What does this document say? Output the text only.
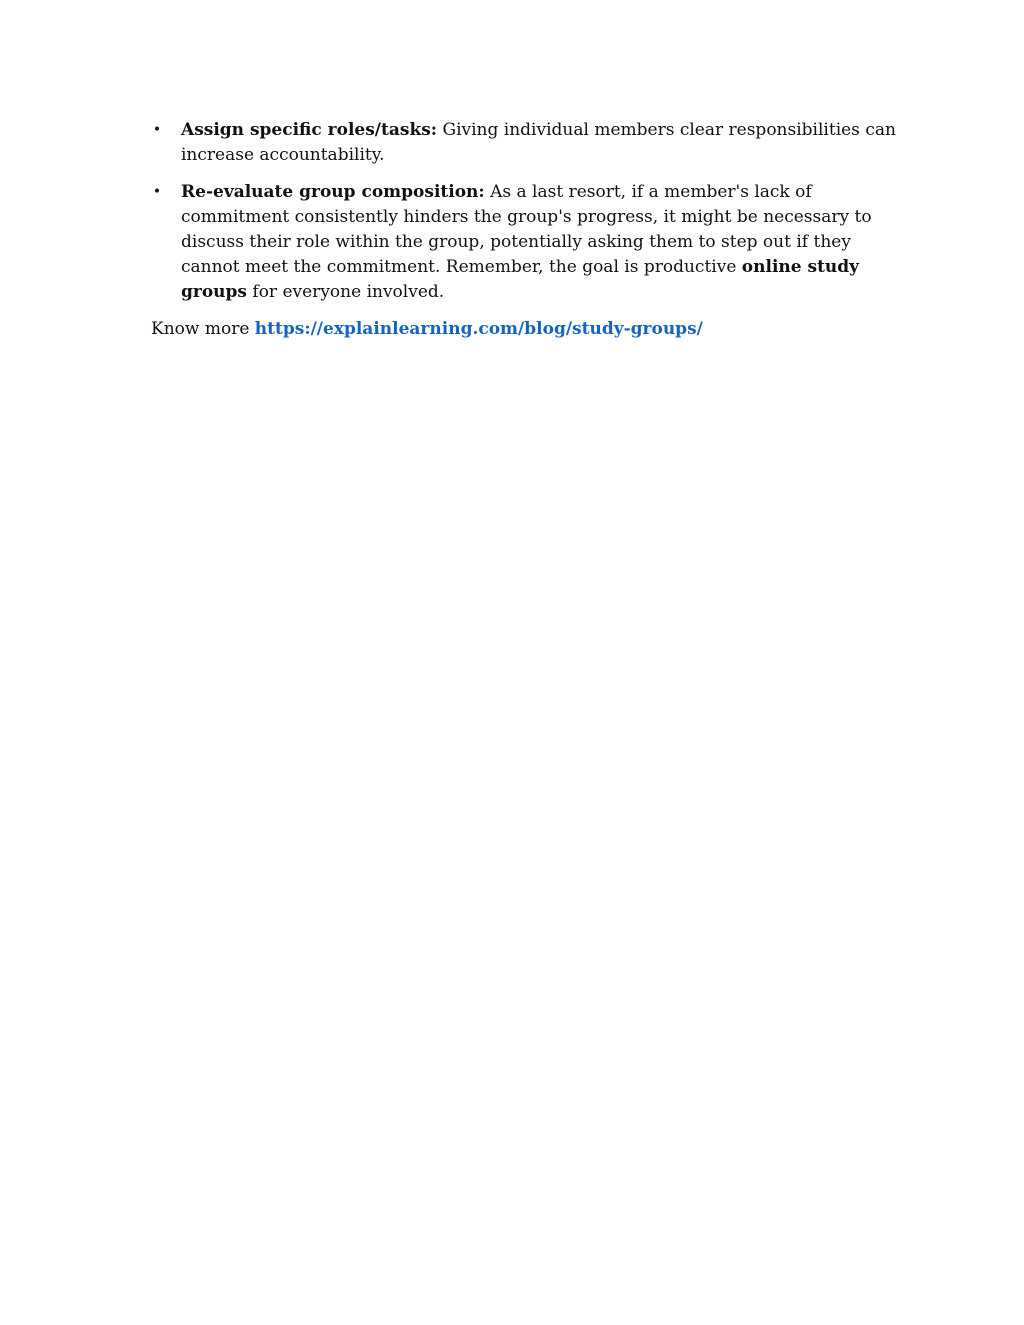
• Assign specific roles/tasks: Giving individual members clear responsibilities can increase accountability.
• Re-evaluate group composition: As a last resort, if a member's lack of commitment consistently hinders the group's progress, it might be necessary to discuss their role within the group, potentially asking them to step out if they cannot meet the commitment. Remember, the goal is productive online study groups for everyone involved.

Know more https://explainlearning.com/blog/study-groups/
